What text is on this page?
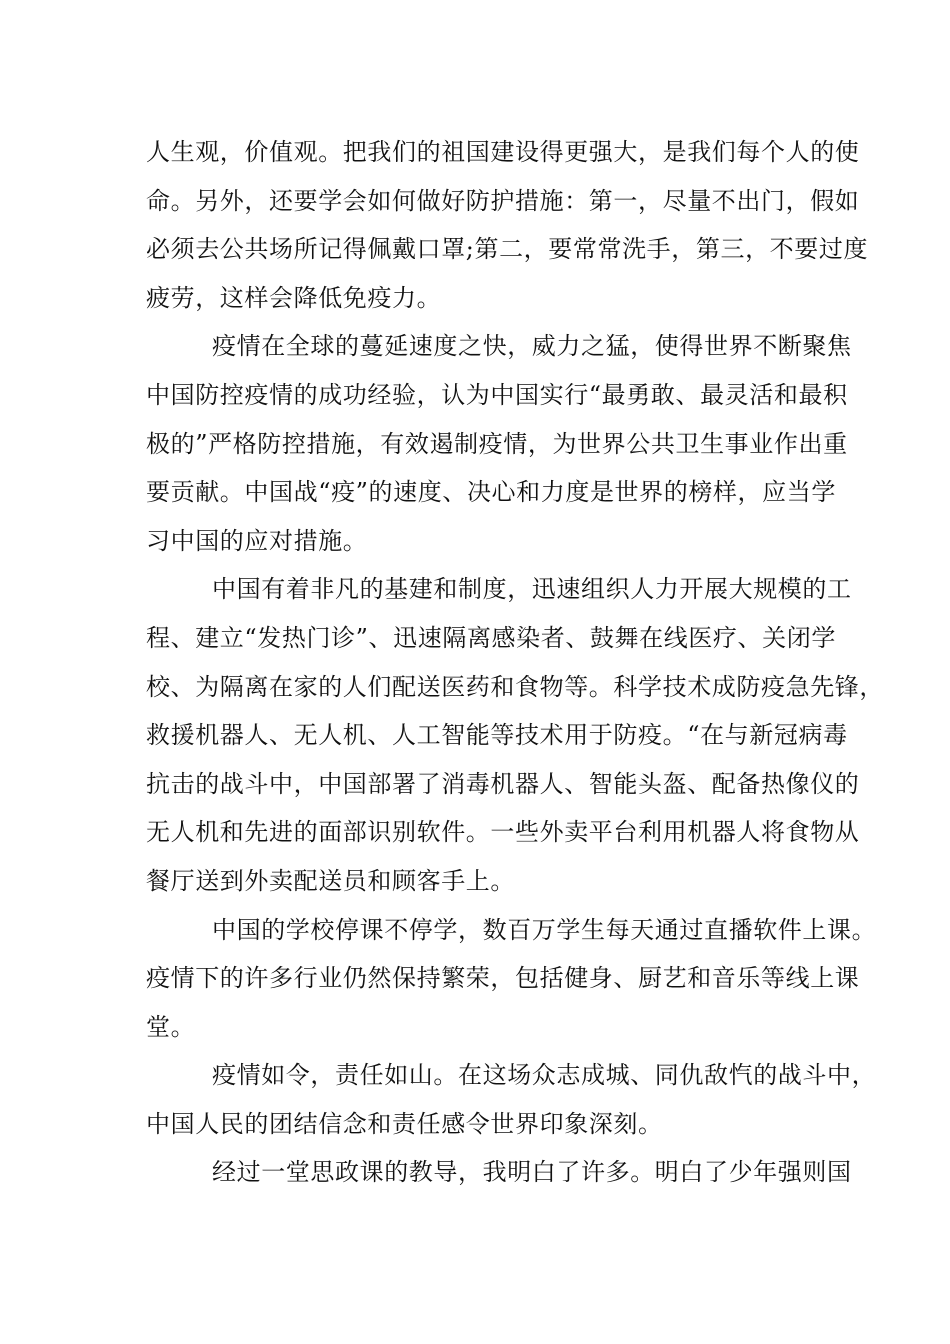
人生观，价值观。把我们的祖国建设得更强大，是我们每个人的使
命。另外，还要学会如何做好防护措施：第一，尽量不出门，假如
必须去公共场所记得佩戴口罩;第二，要常常洗手，第三，不要过度
疲劳，这样会降低免疫力。
疫情在全球的蔓延速度之快，威力之猛，使得世界不断聚焦
中国防控疫情的成功经验，认为中国实行“最勇敢、最灵活和最积
极的”严格防控措施，有效遏制疫情，为世界公共卫生事业作出重
要贡献。中国战“疫”的速度、决心和力度是世界的榜样，应当学
习中国的应对措施。
中国有着非凡的基建和制度，迅速组织人力开展大规模的工
程、建立“发热门诊”、迅速隔离感染者、鼓舞在线医疗、关闭学
校、为隔离在家的人们配送医药和食物等。科学技术成防疫急先锋，
救援机器人、无人机、人工智能等技术用于防疫。“在与新冠病毒
抗击的战斗中，中国部署了消毒机器人、智能头盔、配备热像仪的
无人机和先进的面部识别软件。一些外卖平台利用机器人将食物从
餐厅送到外卖配送员和顾客手上。
中国的学校停课不停学，数百万学生每天通过直播软件上课。
疫情下的许多行业仍然保持繁荣，包括健身、厨艺和音乐等线上课
堂。
疫情如令，责任如山。在这场众志成城、同仇敌忾的战斗中，
中国人民的团结信念和责任感令世界印象深刻。
经过一堂思政课的教导，我明白了许多。明白了少年强则国
